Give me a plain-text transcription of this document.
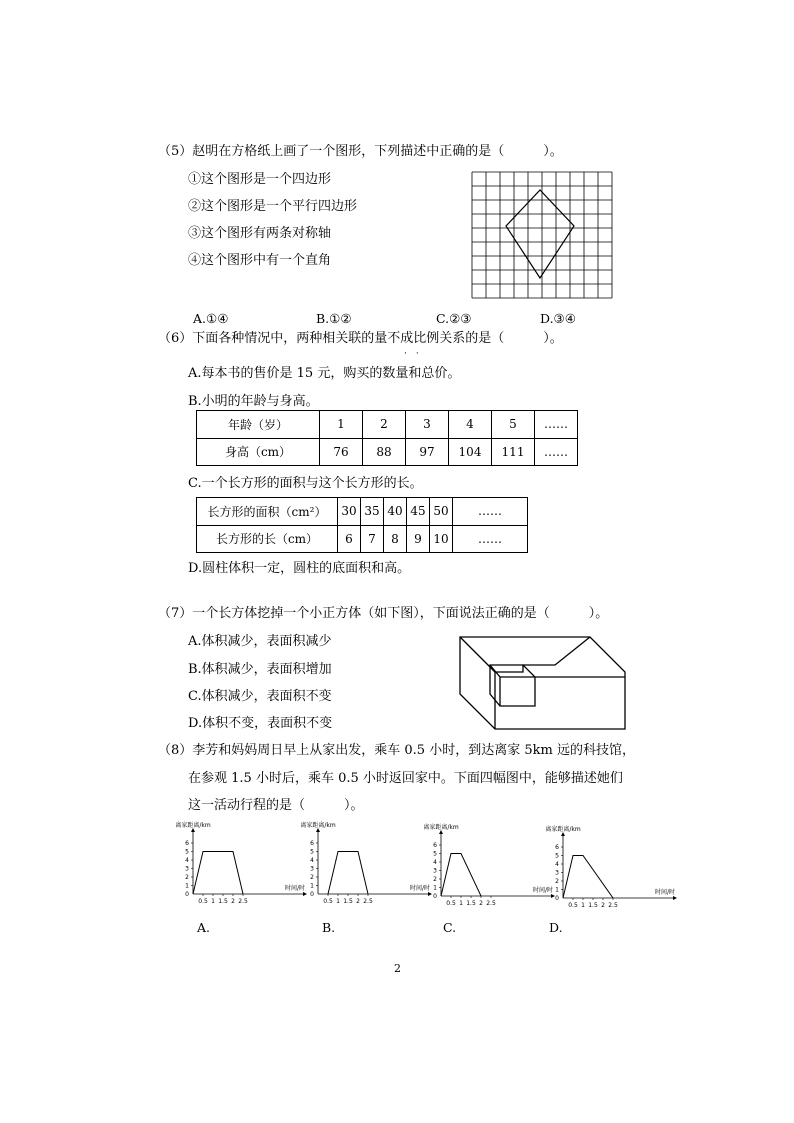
（5）赵明在方格纸上画了一个图形，下列描述中正确的是（　　　）。
①这个图形是一个四边形
②这个图形是一个平行四边形
③这个图形有两条对称轴
④这个图形中有一个直角
A.①④	B.①②	C.②③	D.③④
（6）下面各种情况中，两种相关联的量不成比例关系的是（　　　）。
··
A.每本书的售价是 15 元，购买的数量和总价。
B.小明的年龄与身高。
年龄（岁）	1	2	3	4	5	……
身高（cm）	76	88	97	104	111	……
C.一个长方形的面积与这个长方形的长。
长方形的面积（cm²）	30	35	40	45	50	……
长方形的长（cm）	6	7	8	9	10	……
D.圆柱体积一定，圆柱的底面积和高。
（7）一个长方体挖掉一个小正方体（如下图），下面说法正确的是（　　　）。
A.体积减少，表面积减少
B.体积减少，表面积增加
C.体积减少，表面积不变
D.体积不变，表面积不变
（8）李芳和妈妈周日早上从家出发，乘车 0.5 小时，到达离家 5km 远的科技馆，
在参观 1.5 小时后，乘车 0.5 小时返回家中。下面四幅图中，能够描述她们
这一活动行程的是（　　　）。
0
1
2
3
4
5
6
0.5 1 1.5 2 2.5
离家距离/km
时间/时
0
1
2
3
4
5
6
0.5 1 1.5 2 2.5
离家距离/km
时间/时
0
1
2
3
4
5
6
0.5 1 1.5 2 2.5
离家距离/km
时间/时
0
1
2
3
4
5
6
0.5 1 1.5 2 2.5
离家距离/km
时间/时
A.	B.	C.	D.
2
